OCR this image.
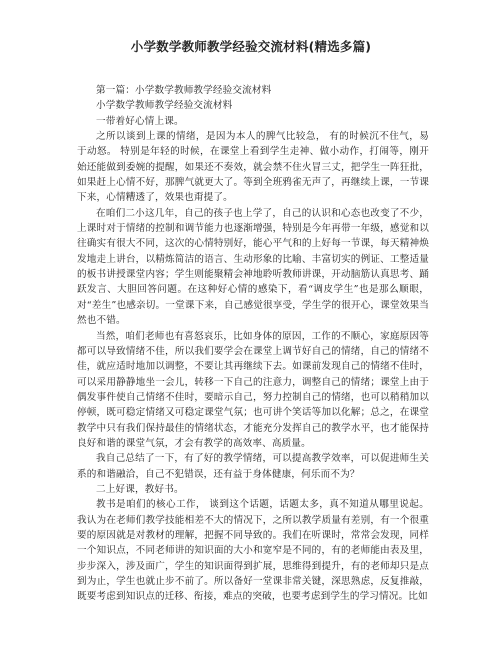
小学数学教师教学经验交流材料(精选多篇)

第一篇：小学数学教师教学经验交流材料

小学数学教师教学经验交流材料

一带着好心情上课。

之所以谈到上课的情绪，是因为本人的脾气比较急， 有的时候沉不住气，易于动怒。 特别是年轻的时候，在课堂上看到学生走神、做小动作，打闹等，刚开始还能做到委婉的提醒，如果还不奏效，就会禁不住火冒三丈，把学生一阵狂批，如果赶上心情不好，那脾气就更大了。等到全班鸦雀无声了，再继续上课，一节课下来，心情糟透了，效果也甭提了。

在咱们二小这几年，自己的孩子也上学了，自己的认识和心态也改变了不少，上课时对于情绪的控制和调节能力也逐渐增强，特别是今年再带一年级，感觉和以往确实有很大不同，这次的心情特别好，能心平气和的上好每一节课，每天精神焕发地走上讲台，以精炼简洁的语言、生动形象的比喻、丰富切实的例证、工整适量的板书讲授课堂内容；学生则能聚精会神地聆听教师讲课，开动脑筋认真思考、踊跃发言、大胆回答问题。在这种好心情的感染下，看“调皮学生”也是那么顺眼，对“差生”也感亲切。一堂课下来，自己感觉很享受，学生学的很开心，课堂效果当然也不错。

当然，咱们老师也有喜怒哀乐，比如身体的原因，工作的不顺心，家庭原因等都可以导致情绪不佳，所以我们要学会在课堂上调节好自己的情绪，自己的情绪不佳，就应适时地加以调整，不要让其再继续下去。如课前发现自己的情绪不佳时，可以采用静静地坐一会儿，转移一下自己的注意力，调整自己的情绪；课堂上由于偶发事件使自己情绪不佳时，要暗示自己，努力控制自己的情绪，也可以稍稍加以停顿，既可稳定情绪又可稳定课堂气氛；也可讲个笑话等加以化解；总之，在课堂教学中只有我们保持最佳的情绪状态，才能充分发挥自己的教学水平，也才能保持良好和谐的课堂气氛，才会有教学的高效率、高质量。

我自己总结了一下，有了好的教学情绪，可以提高教学效率，可以促进师生关系的和谐融洽，自己不犯错误，还有益于身体健康，何乐而不为？

二上好课，教好书。

教书是咱们的核心工作， 谈到这个话题，话题太多，真不知道从哪里说起。我认为在老师们教学技能相差不大的情况下，之所以教学质量有差别，有一个很重要的原因就是对教材的理解，把握不同导致的。我们在听课时，常常会发现，同样一个知识点，不同老师讲的知识面的大小和宽窄是不同的，有的老师能由表及里，步步深入，涉及面广，学生的知识面得到扩展，思维得到提升，有的老师却只是点到为止，学生也就止步不前了。所以备好一堂课非常关键，深思熟虑，反复推敲，既要考虑到知识点的迁移、衔接，难点的突破，也要考虑到学生的学习情况。比如
